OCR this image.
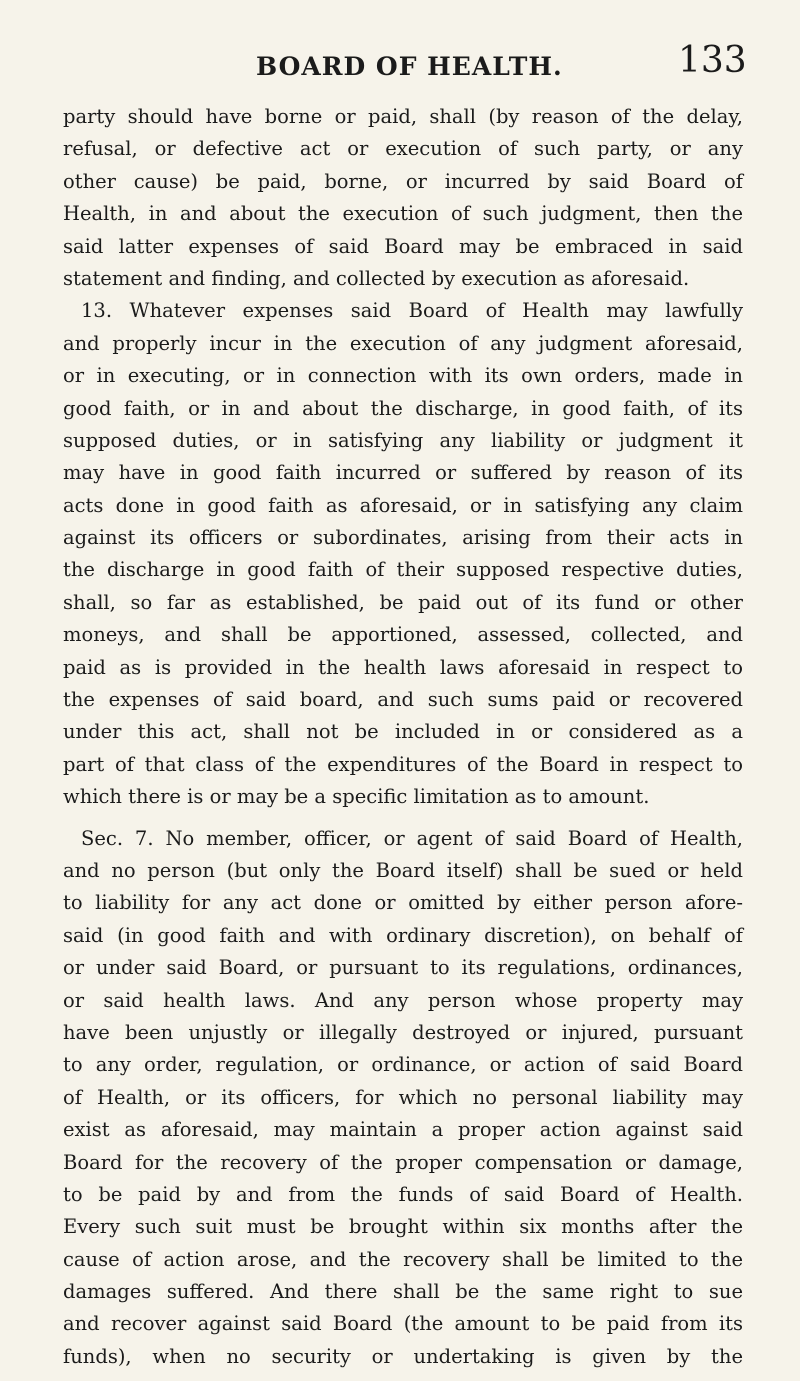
BOARD OF HEALTH.	133
party should have borne or paid, shall (by reason of the delay,
refusal, or defective act or execution of such party, or any
other cause) be paid, borne, or incurred by said Board of
Health, in and about the execution of such judgment, then the
said latter expenses of said Board may be embraced in said
statement and finding, and collected by execution as aforesaid.
13. Whatever expenses said Board of Health may lawfully
and properly incur in the execution of any judgment aforesaid,
or in executing, or in connection with its own orders, made in
good faith, or in and about the discharge, in good faith, of its
supposed duties, or in satisfying any liability or judgment it
may have in good faith incurred or suffered by reason of its
acts done in good faith as aforesaid, or in satisfying any claim
against its officers or subordinates, arising from their acts in
the discharge in good faith of their supposed respective duties,
shall, so far as established, be paid out of its fund or other
moneys, and shall be apportioned, assessed, collected, and
paid as is provided in the health laws aforesaid in respect to
the expenses of said board, and such sums paid or recovered
under this act, shall not be included in or considered as a
part of that class of the expenditures of the Board in respect to
which there is or may be a specific limitation as to amount.
Sec. 7. No member, officer, or agent of said Board of Health,
and no person (but only the Board itself) shall be sued or held
to liability for any act done or omitted by either person afore-
said (in good faith and with ordinary discretion), on behalf of
or under said Board, or pursuant to its regulations, ordinances,
or said health laws. And any person whose property may
have been unjustly or illegally destroyed or injured, pursuant
to any order, regulation, or ordinance, or action of said Board
of Health, or its officers, for which no personal liability may
exist as aforesaid, may maintain a proper action against said
Board for the recovery of the proper compensation or damage,
to be paid by and from the funds of said Board of Health.
Every such suit must be brought within six months after the
cause of action arose, and the recovery shall be limited to the
damages suffered. And there shall be the same right to sue
and recover against said Board (the amount to be paid from its
funds), when no security or undertaking is given by the
